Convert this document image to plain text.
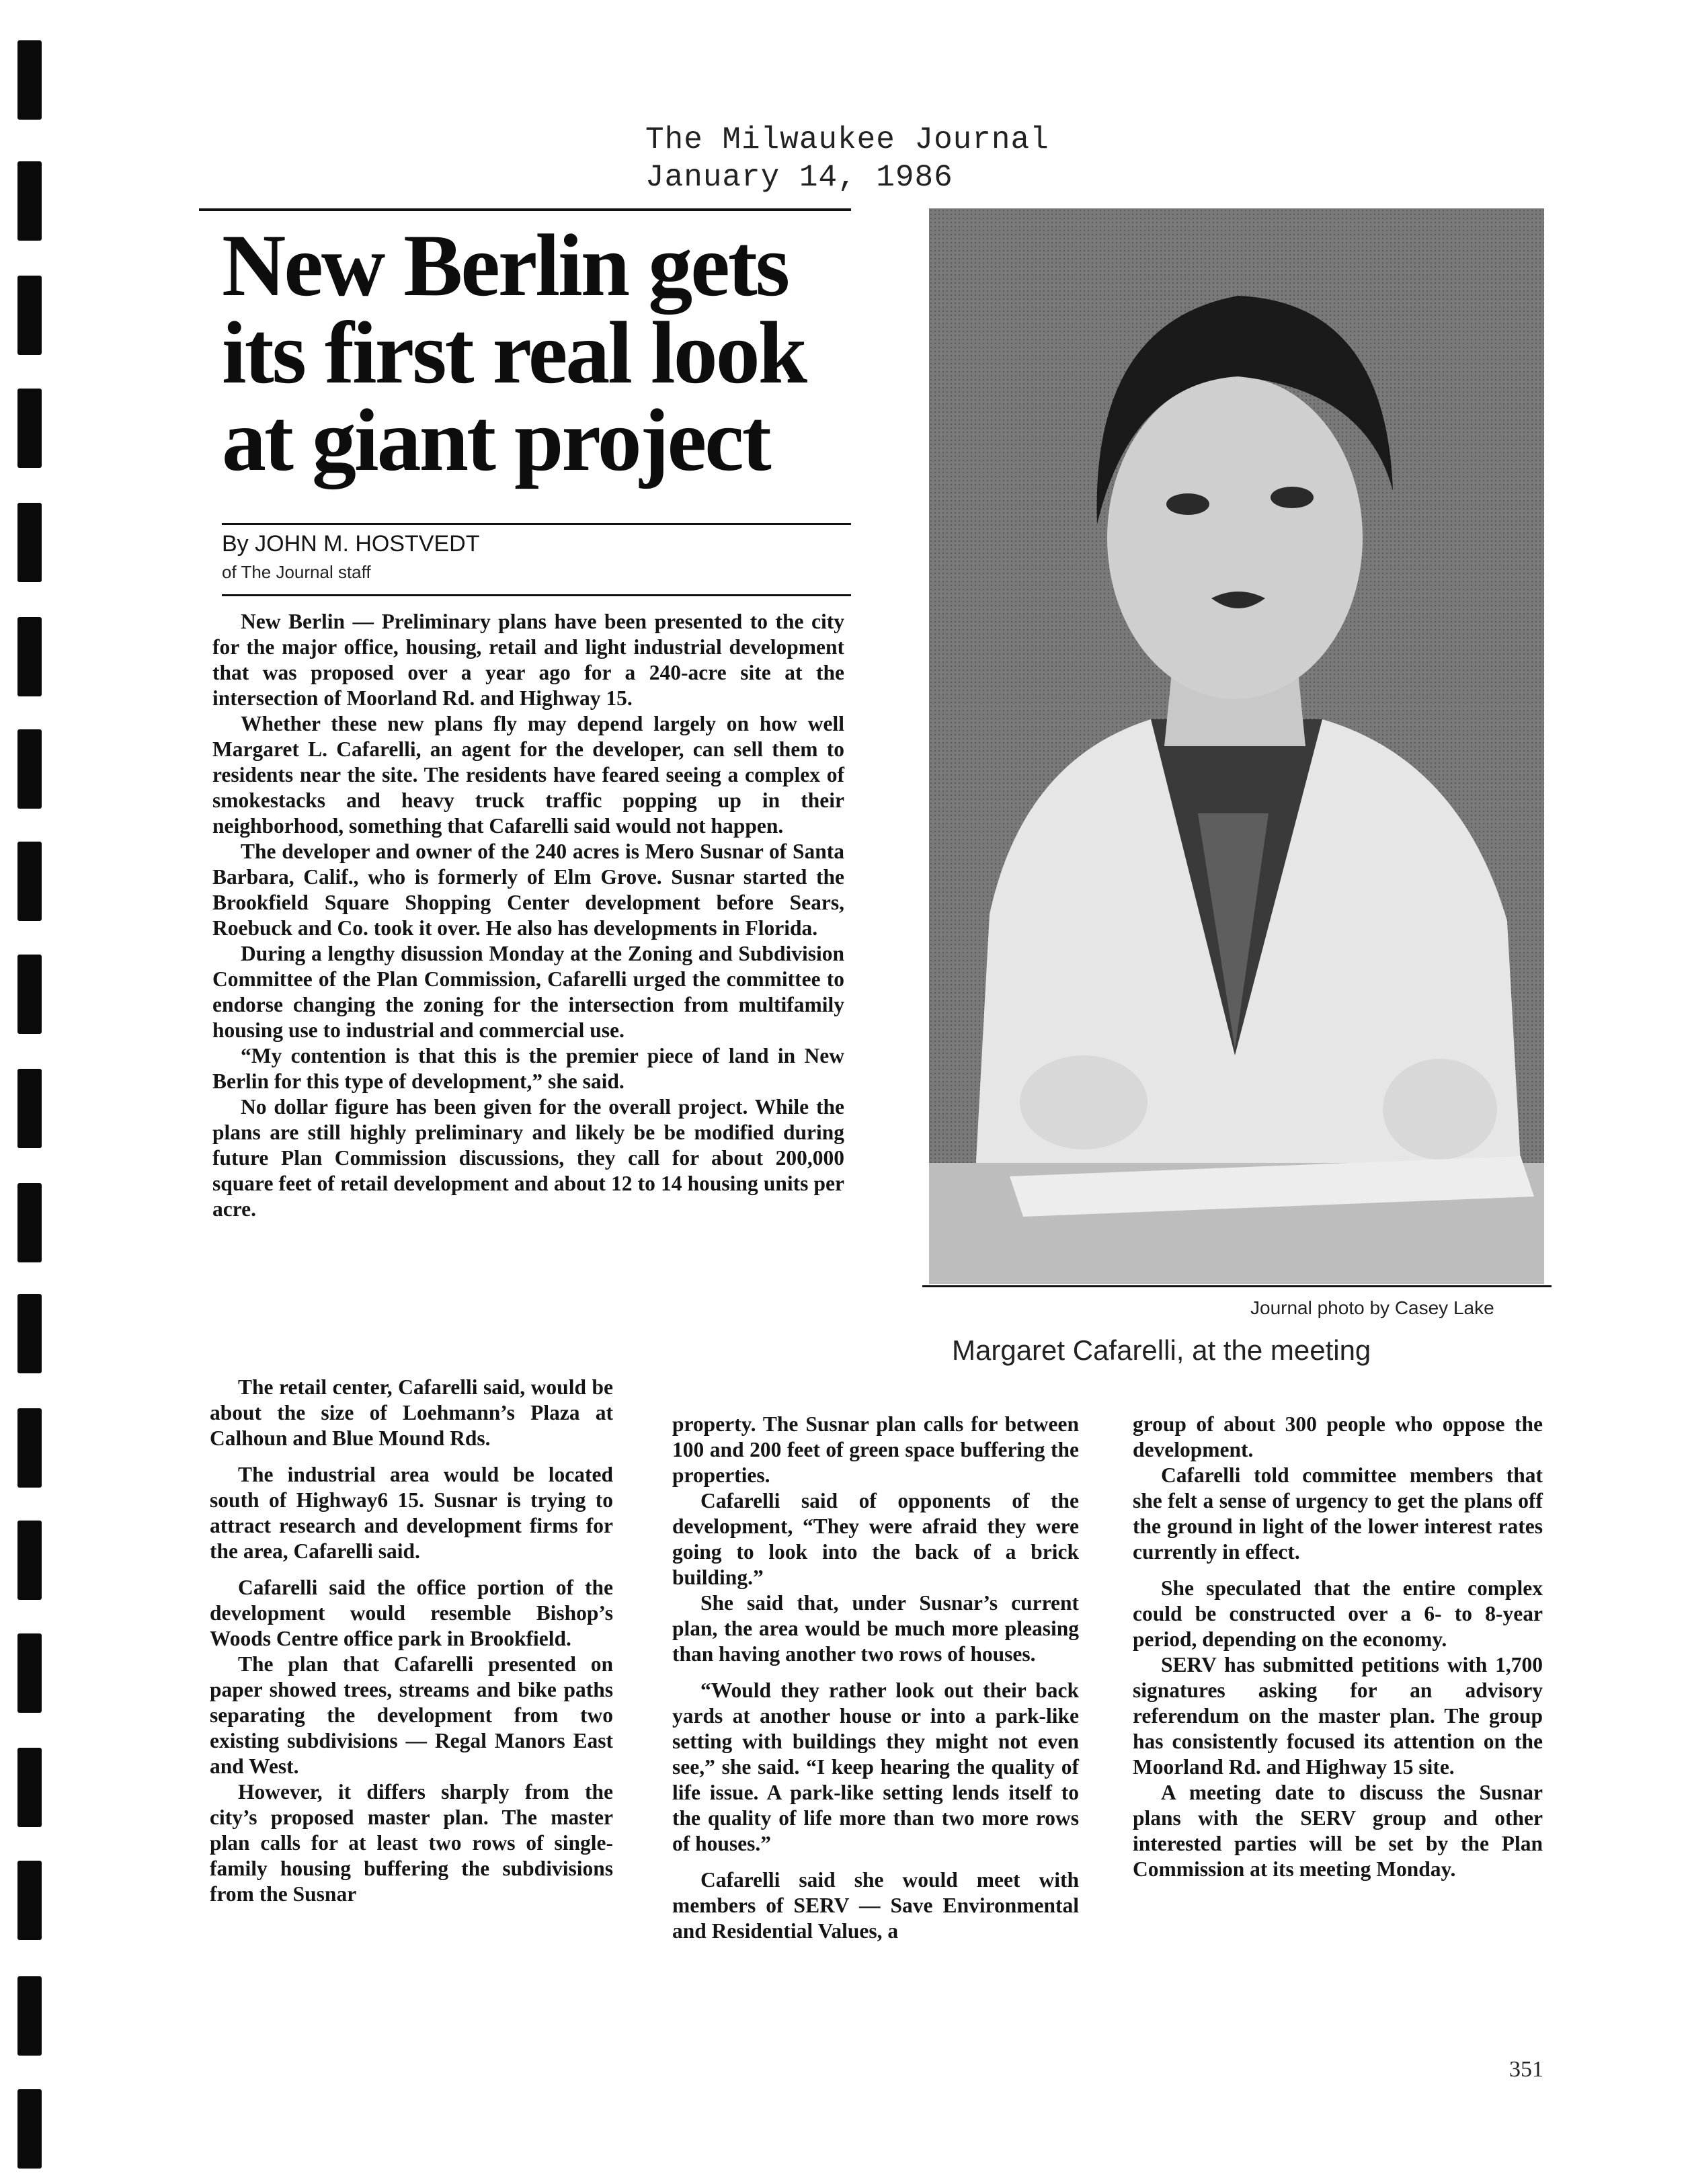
The Milwaukee Journal
January 14, 1986
New Berlin gets its first real look at giant project
By JOHN M. HOSTVEDT
of The Journal staff

New Berlin — Preliminary plans have been presented to the city for the major office, housing, retail and light industrial development that was proposed over a year ago for a 240-acre site at the intersection of Moorland Rd. and Highway 15.

Whether these new plans fly may depend largely on how well Margaret L. Cafarelli, an agent for the developer, can sell them to residents near the site. The residents have feared seeing a complex of smokestacks and heavy truck traffic popping up in their neighborhood, something that Cafarelli said would not happen.

The developer and owner of the 240 acres is Mero Susnar of Santa Barbara, Calif., who is formerly of Elm Grove. Susnar started the Brookfield Square Shopping Center development before Sears, Roebuck and Co. took it over. He also has developments in Florida.

During a lengthy disussion Monday at the Zoning and Subdivision Committee of the Plan Commission, Cafarelli urged the committee to endorse changing the zoning for the intersection from multifamily housing use to industrial and commercial use.

“My contention is that this is the premier piece of land in New Berlin for this type of development,” she said.

No dollar figure has been given for the overall project. While the plans are still highly preliminary and likely be be modified during future Plan Commission discussions, they call for about 200,000 square feet of retail development and about 12 to 14 housing units per acre.

Journal photo by Casey Lake
Margaret Cafarelli, at the meeting

The retail center, Cafarelli said, would be about the size of Loehmann’s Plaza at Calhoun and Blue Mound Rds.

The industrial area would be located south of Highway6 15. Susnar is trying to attract research and development firms for the area, Cafarelli said.

Cafarelli said the office portion of the development would resemble Bishop’s Woods Centre office park in Brookfield.

The plan that Cafarelli presented on paper showed trees, streams and bike paths separating the development from two existing subdivisions — Regal Manors East and West.

However, it differs sharply from the city’s proposed master plan. The master plan calls for at least two rows of single-family housing buffering the subdivisions from the Susnar

property. The Susnar plan calls for between 100 and 200 feet of green space buffering the properties.

Cafarelli said of opponents of the development, “They were afraid they were going to look into the back of a brick building.”

She said that, under Susnar’s current plan, the area would be much more pleasing than having another two rows of houses.

“Would they rather look out their back yards at another house or into a park-like setting with buildings they might not even see,” she said. “I keep hearing the quality of life issue. A park-like setting lends itself to the quality of life more than two more rows of houses.”

Cafarelli said she would meet with members of SERV — Save Environmental and Residential Values, a

group of about 300 people who oppose the development.

Cafarelli told committee members that she felt a sense of urgency to get the plans off the ground in light of the lower interest rates currently in effect.

She speculated that the entire complex could be constructed over a 6- to 8-year period, depending on the economy.

SERV has submitted petitions with 1,700 signatures asking for an advisory referendum on the master plan. The group has consistently focused its attention on the Moorland Rd. and Highway 15 site.

A meeting date to discuss the Susnar plans with the SERV group and other interested parties will be set by the Plan Commission at its meeting Monday.

351
